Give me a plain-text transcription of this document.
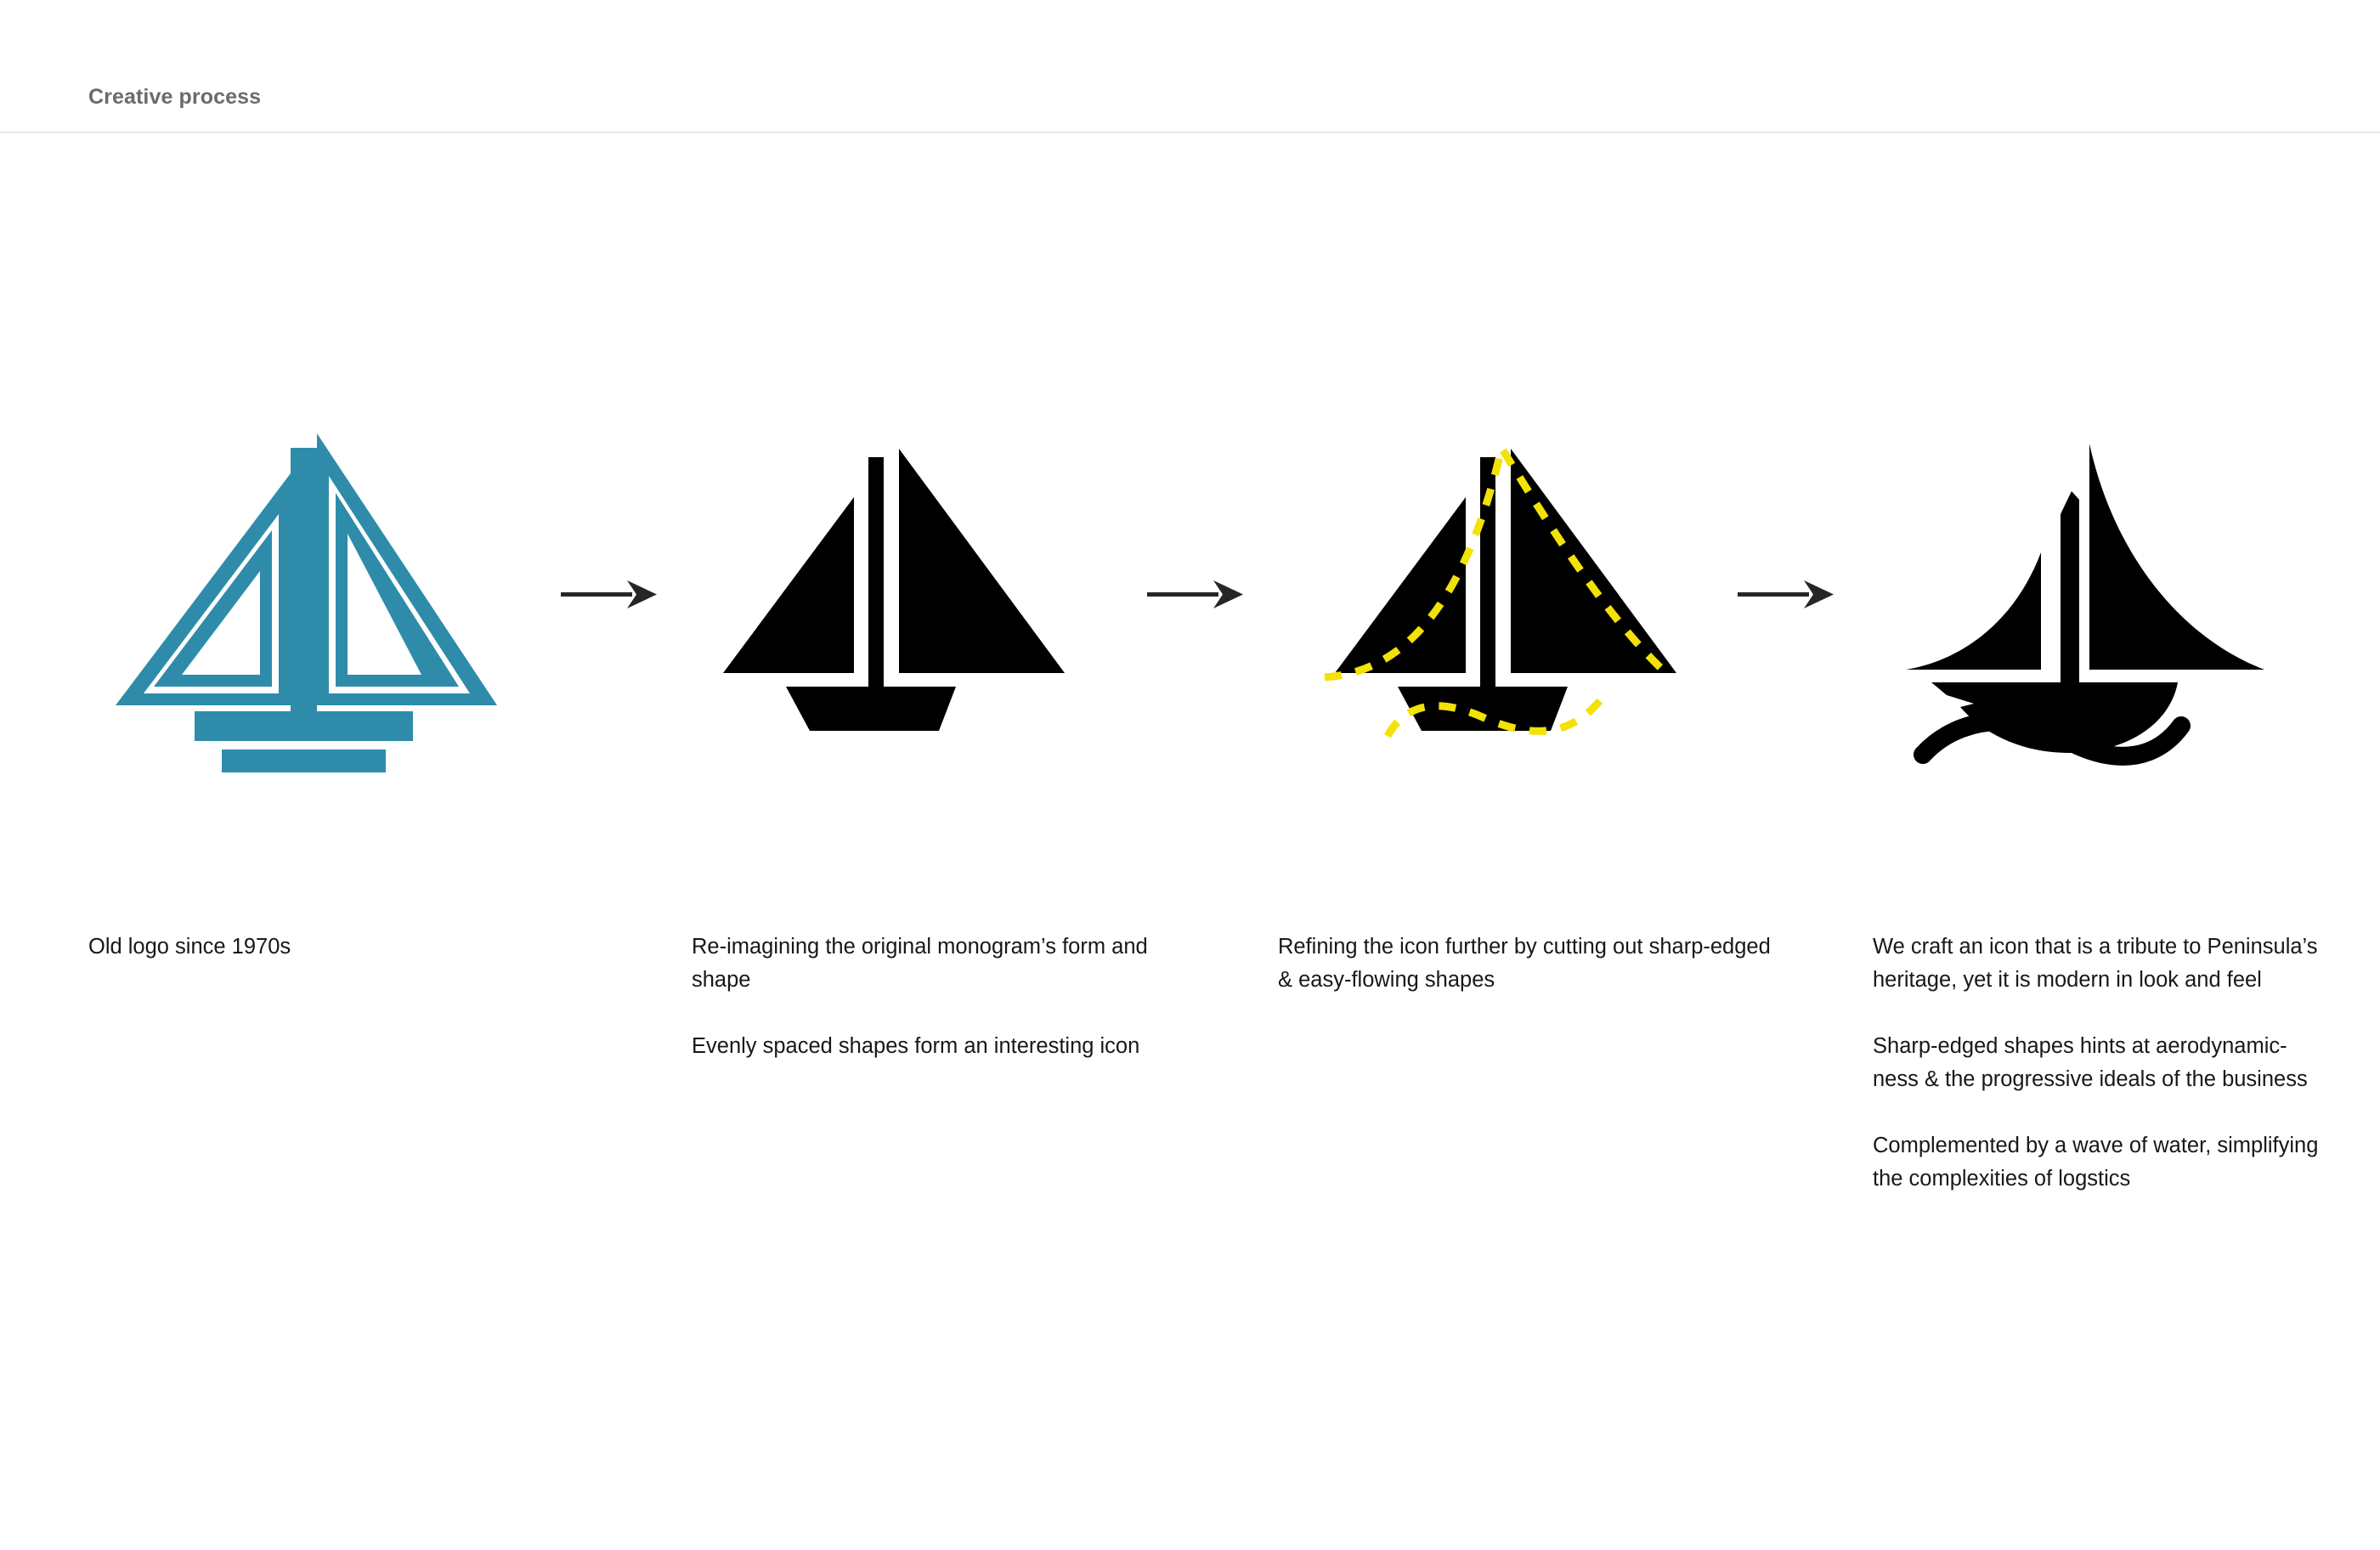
Creative process

Old logo since 1970s	Re-imagining the original monogram’s form and shape

Evenly spaced shapes form an interesting icon

Refining the icon further by cutting out sharp-edged & easy-flowing shapes

We craft an icon that is a tribute to Peninsula’s heritage, yet it is modern in look and feel

Sharp-edged shapes hints at aerodynamic-ness & the progressive ideals of the business

Complemented by a wave of water, simplifying the complexities of logstics
